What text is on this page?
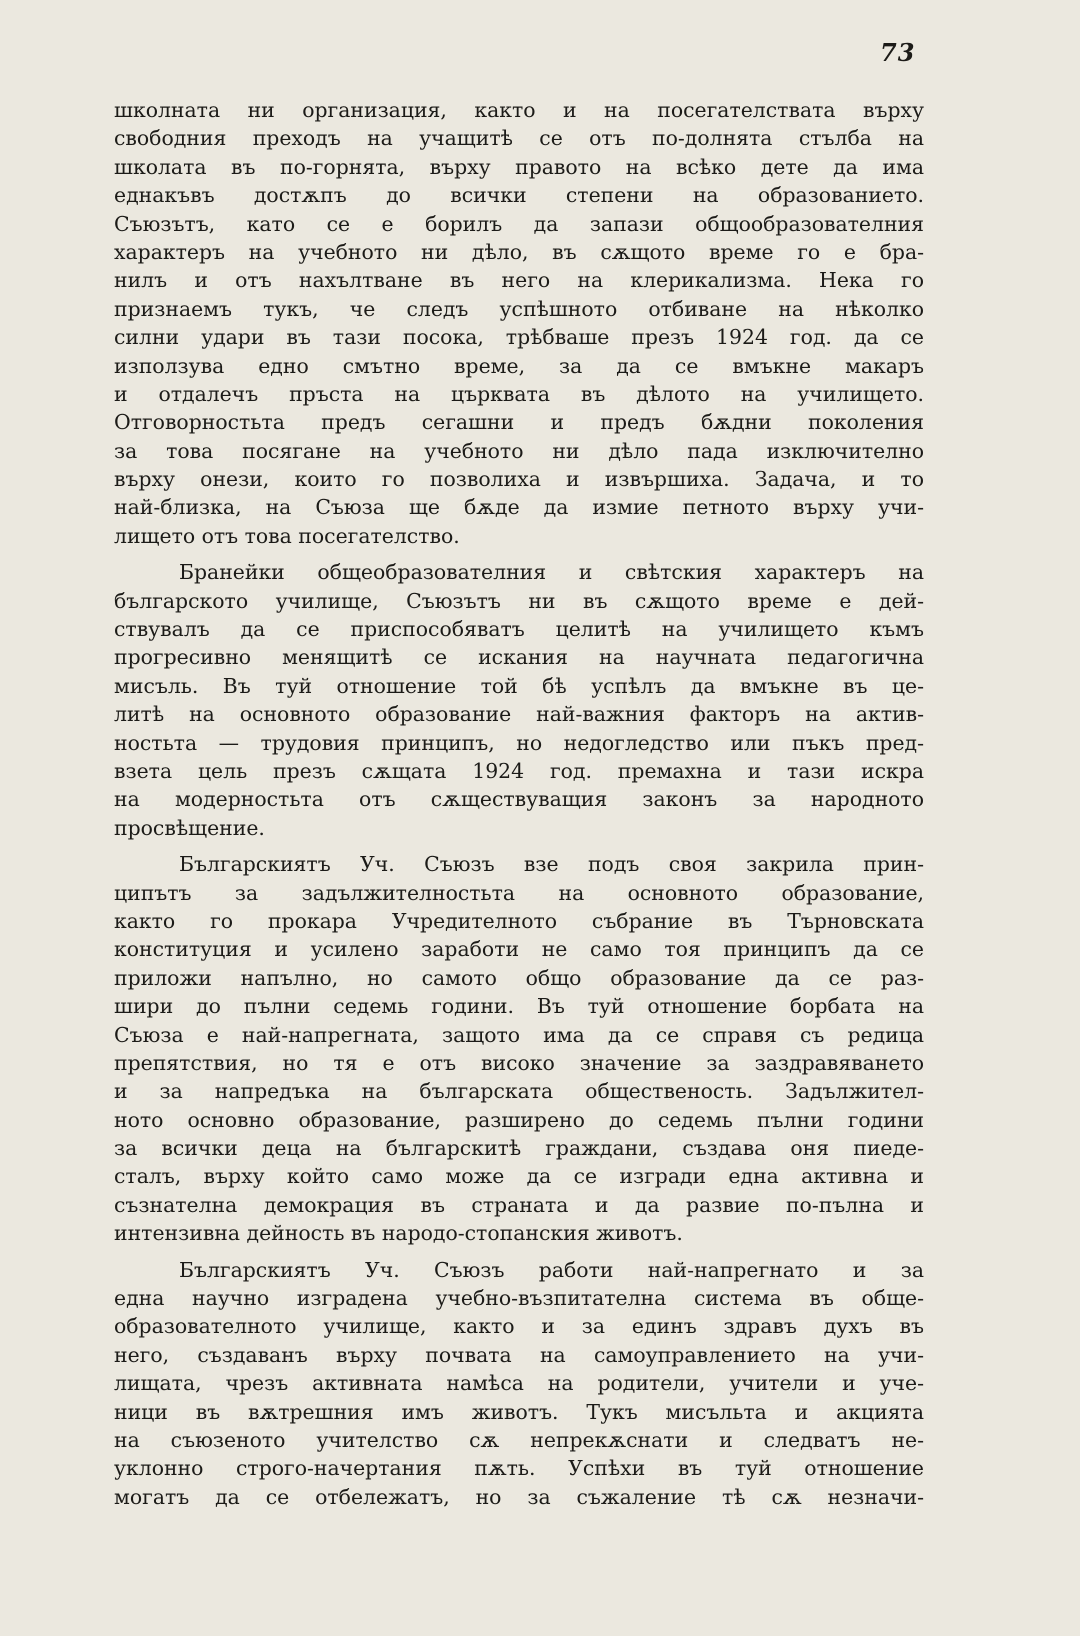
73
школната ни организация, както и на посегателствата върху
свободния преходъ на учащитѣ се отъ по-долнята стълба на
школата въ по-горнята, върху правото на всѣко дете да има
еднакъвъ достѫпъ до всички степени на образованието.
Съюзътъ, като се е борилъ да запази общообразователния
характеръ на учебното ни дѣло, въ сѫщото време го е бра-
нилъ и отъ нахълтване въ него на клерикализма. Нека го
признаемъ тукъ, че следъ успѣшното отбиване на нѣколко
силни удари въ тази посока, трѣбваше презъ 1924 год. да се
използува едно смътно време, за да се вмъкне макаръ
и отдалечъ пръста на църквата въ дѣлото на училището.
Отговорностьта предъ сегашни и предъ бѫдни поколения
за това посягане на учебното ни дѣло пада изключително
върху онези, които го позволиха и извършиха. Задача, и то
най-близка, на Съюза ще бѫде да измие петното върху учи-
лището отъ това посегателство.
Бранейки общеобразователния и свѣтския характеръ на
българското училище, Съюзътъ ни въ сѫщото време е дей-
ствувалъ да се приспособяватъ целитѣ на училището къмъ
прогресивно менящитѣ се искания на научната педагогична
мисъль. Въ туй отношение той бѣ успѣлъ да вмъкне въ це-
литѣ на основното образование най-важния факторъ на актив-
ностьта — трудовия принципъ, но недогледство или пъкъ пред-
взета цель презъ сѫщата 1924 год. премахна и тази искра
на модерностьта отъ сѫществуващия законъ за народното
просвѣщение.
Българскиятъ Уч. Съюзъ взе подъ своя закрила прин-
ципътъ за задължителностьта на основното образование,
както го прокара Учредителното събрание въ Търновската
конституция и усилено заработи не само тоя принципъ да се
приложи напълно, но самото общо образование да се раз-
шири до пълни седемь години. Въ туй отношение борбата на
Съюза е най-напрегната, защото има да се справя съ редица
препятствия, но тя е отъ високо значение за заздравяването
и за напредъка на българската общественость. Задължител-
ното основно образование, разширено до седемь пълни години
за всички деца на българскитѣ граждани, създава оня пиеде-
сталъ, върху който само може да се изгради една активна и
съзнателна демокрация въ страната и да развие по-пълна и
интензивна дейность въ народо-стопанския животъ.
Българскиятъ Уч. Съюзъ работи най-напрегнато и за
една научно изградена учебно-възпитателна система въ обще-
образователното училище, както и за единъ здравъ духъ въ
него, създаванъ върху почвата на самоуправлението на учи-
лищата, чрезъ активната намѣса на родители, учители и уче-
ници въ вѫтрешния имъ животъ. Тукъ мисъльта и акцията
на съюзеното учителство сѫ непрекѫснати и следватъ не-
уклонно строго-начертания пѫть. Успѣхи въ туй отношение
могатъ да се отбележатъ, но за съжаление тѣ сѫ незначи-
